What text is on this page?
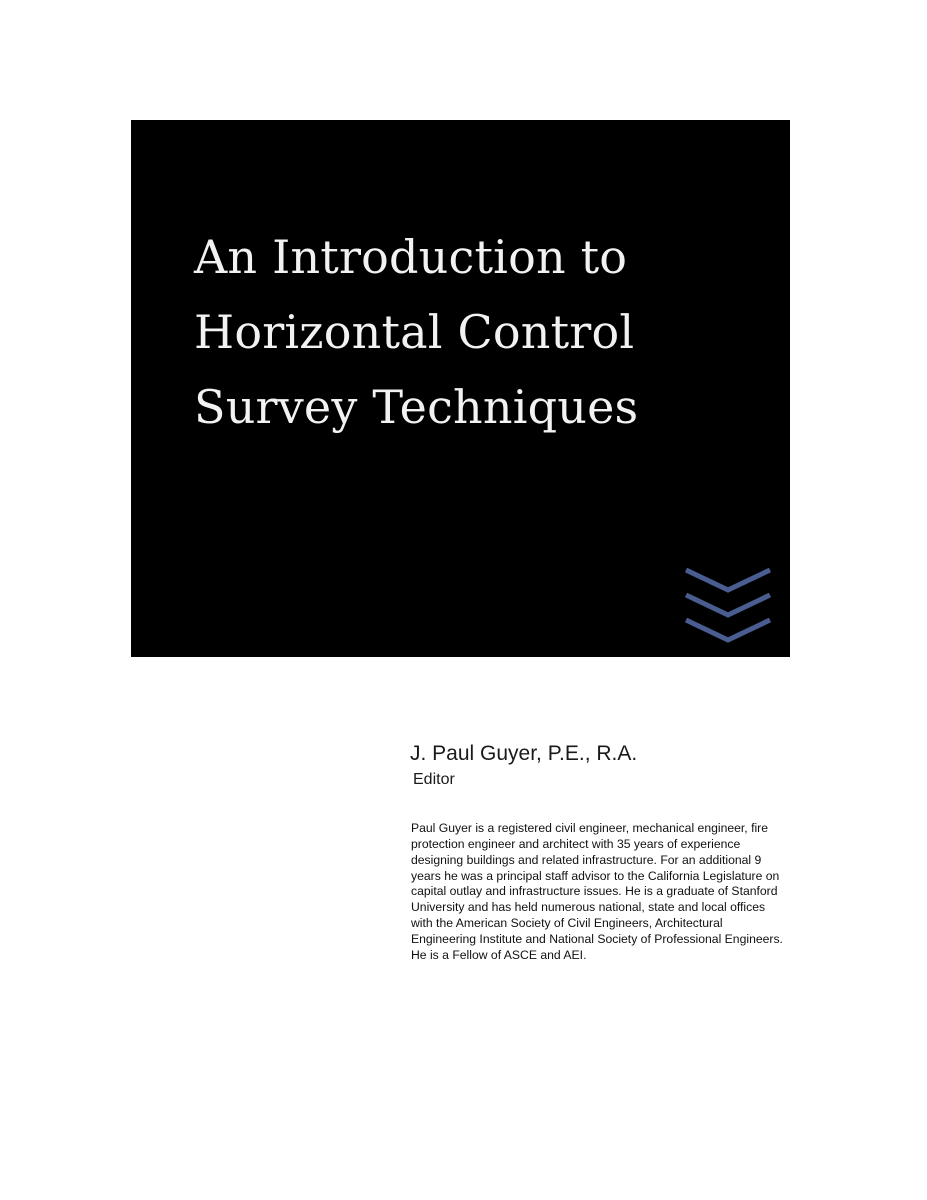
An Introduction to
Horizontal Control
Survey Techniques

J. Paul Guyer, P.E., R.A.

Editor

Paul Guyer is a registered civil engineer, mechanical engineer, fire protection engineer and architect with 35 years of experience designing buildings and related infrastructure. For an additional 9 years he was a principal staff advisor to the California Legislature on capital outlay and infrastructure issues. He is a graduate of Stanford University and has held numerous national, state and local offices with the American Society of Civil Engineers, Architectural Engineering Institute and National Society of Professional Engineers. He is a Fellow of ASCE and AEI.
